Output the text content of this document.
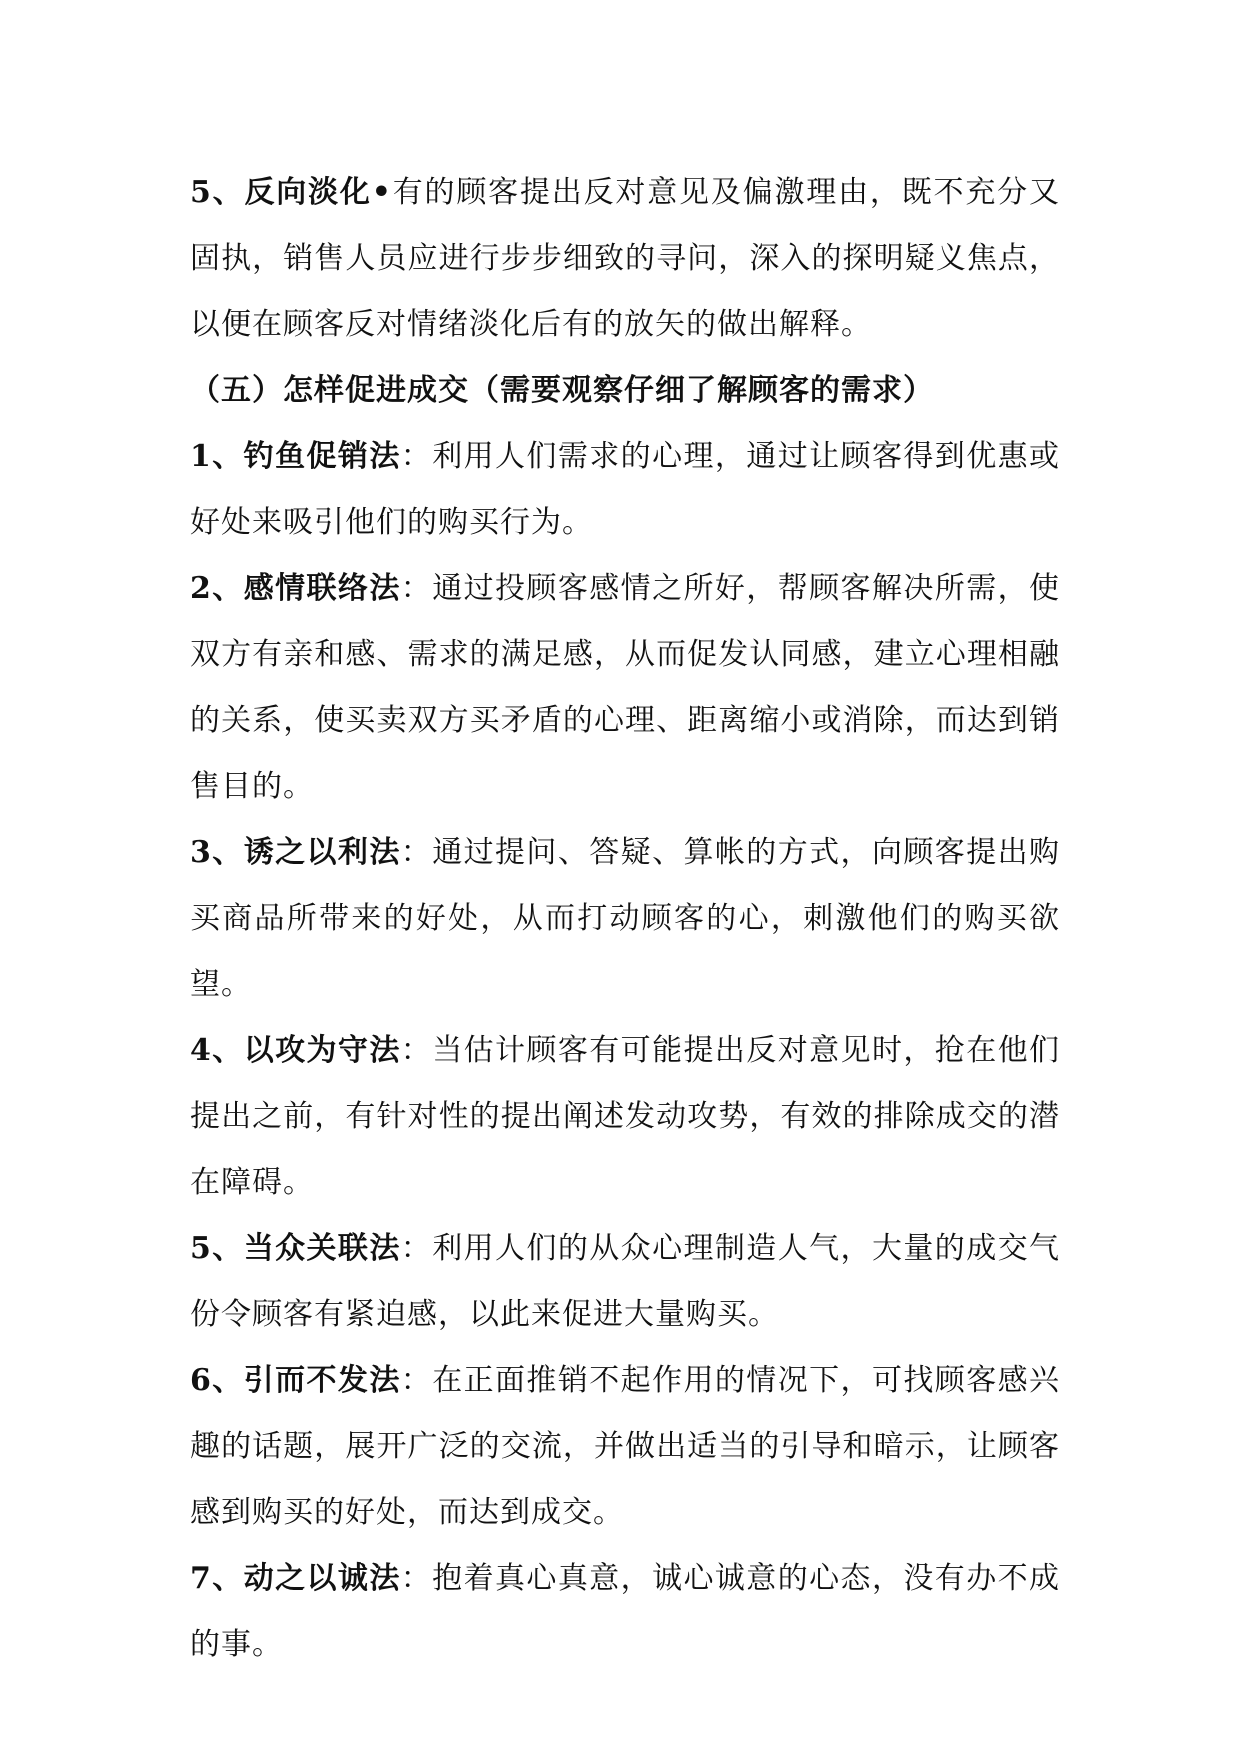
5、反向淡化•有的顾客提出反对意见及偏激理由，既不充分又固执，销售人员应进行步步细致的寻问，深入的探明疑义焦点，以便在顾客反对情绪淡化后有的放矢的做出解释。

（五）怎样促进成交（需要观察仔细了解顾客的需求）

1、钓鱼促销法：利用人们需求的心理，通过让顾客得到优惠或好处来吸引他们的购买行为。

2、感情联络法：通过投顾客感情之所好，帮顾客解决所需，使双方有亲和感、需求的满足感，从而促发认同感，建立心理相融的关系，使买卖双方买矛盾的心理、距离缩小或消除，而达到销售目的。

3、诱之以利法：通过提问、答疑、算帐的方式，向顾客提出购买商品所带来的好处，从而打动顾客的心，刺激他们的购买欲望。

4、以攻为守法：当估计顾客有可能提出反对意见时，抢在他们提出之前，有针对性的提出阐述发动攻势，有效的排除成交的潜在障碍。

5、当众关联法：利用人们的从众心理制造人气，大量的成交气份令顾客有紧迫感，以此来促进大量购买。

6、引而不发法：在正面推销不起作用的情况下，可找顾客感兴趣的话题，展开广泛的交流，并做出适当的引导和暗示，让顾客感到购买的好处，而达到成交。

7、动之以诚法：抱着真心真意，诚心诚意的心态，没有办不成的事。
